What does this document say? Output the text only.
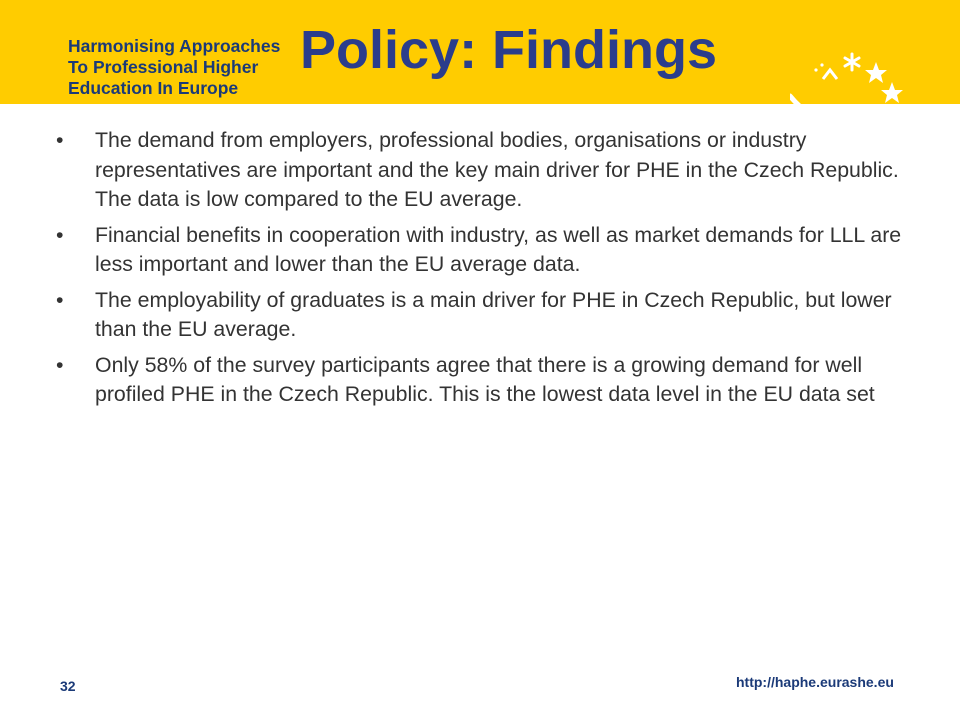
Harmonising Approaches
To Professional Higher
Education In Europe
Policy: Findings
•	The demand from employers, professional bodies, organisations or industry representatives are important and the key main driver for PHE in the Czech Republic. The data is low compared to the EU average.
•	Financial benefits in cooperation with industry, as well as market demands for LLL are less important and lower than the EU average data.
•	The employability of graduates is a main driver for PHE in Czech Republic, but lower than the EU average.
•	Only 58% of the survey participants agree that there is a growing demand for well profiled PHE in the Czech Republic. This is the lowest data level in the EU data set
32	http://haphe.eurashe.eu
